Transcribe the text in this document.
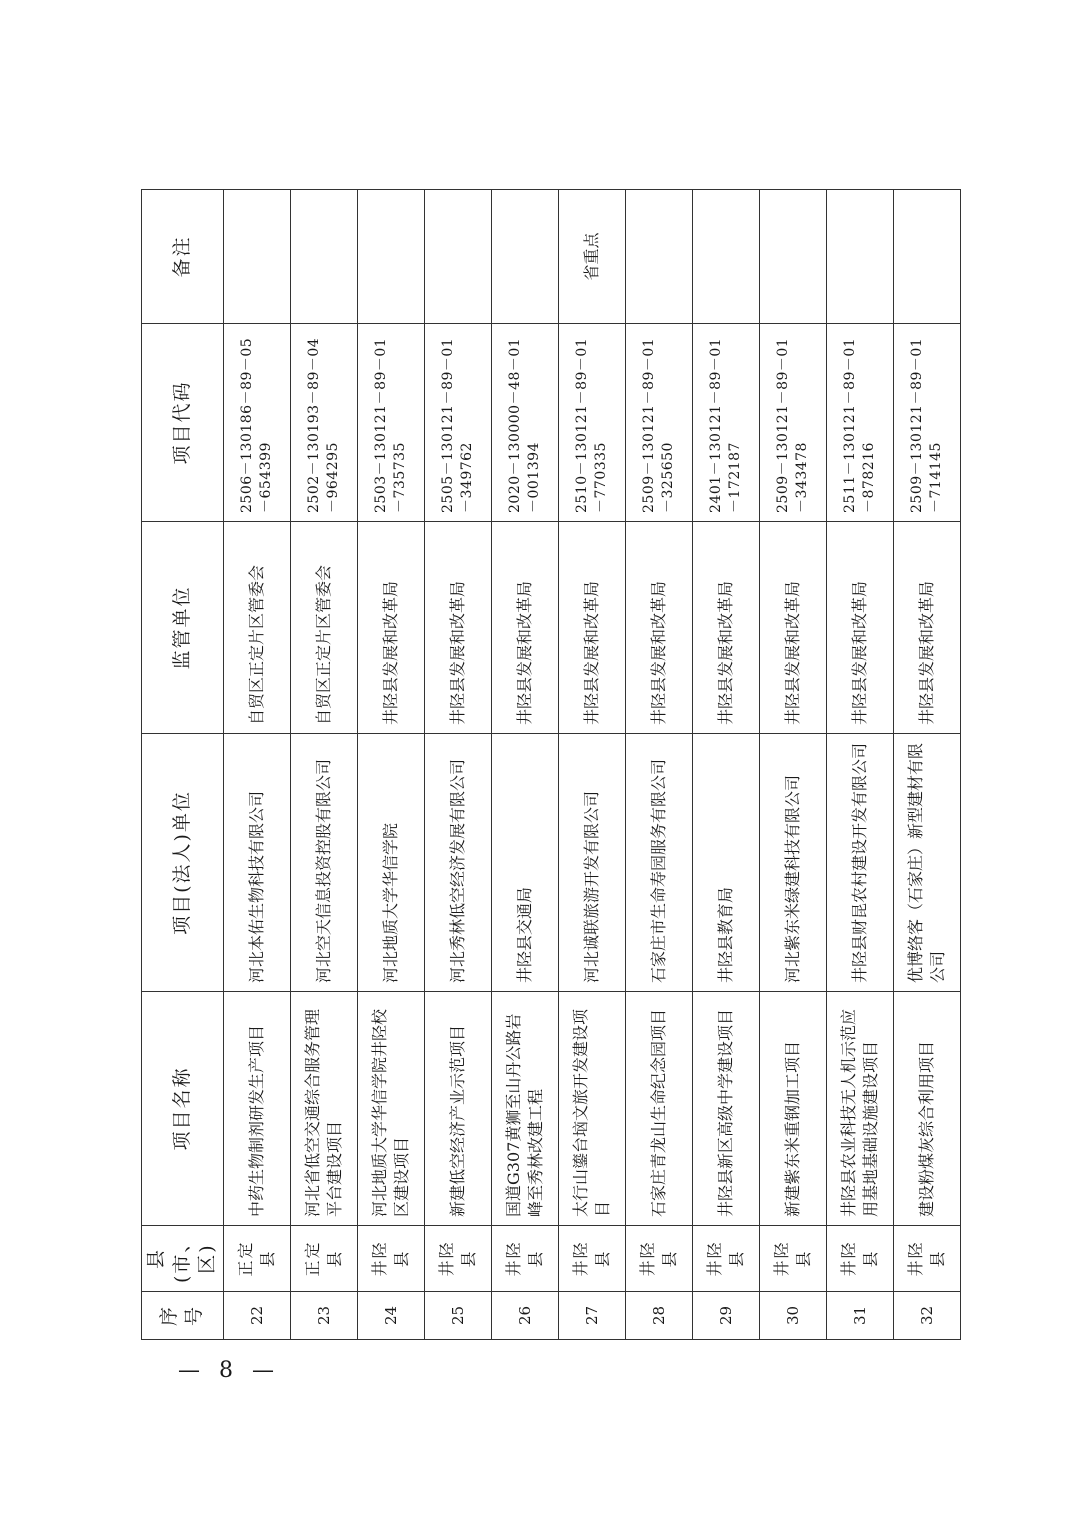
序号	县(市、区)	项目名称	项目(法人)单位	监管单位	项目代码	备注
22	正定县	中药生物制剂研发生产项目	河北本佑生物科技有限公司	自贸区正定片区管委会	2506－130186－89－05－654399	
23	正定县	河北省低空交通综合服务管理平台建设项目	河北空天信息投资控股有限公司	自贸区正定片区管委会	2502－130193－89－04－964295	
24	井陉县	河北地质大学华信学院井陉校区建设项目	河北地质大学华信学院	井陉县发展和改革局	2503－130121－89－01－735735	
25	井陉县	新建低空经济产业示范项目	河北秀林低空经济发展有限公司	井陉县发展和改革局	2505－130121－89－01－349762	
26	井陉县	国道G307黄狮至山丹公路岩峰至秀林改建工程	井陉县交通局	井陉县发展和改革局	2020－130000－48－01－001394	
27	井陉县	太行山鎏台垴文旅开发建设项目	河北诚联旅游开发有限公司	井陉县发展和改革局	2510－130121－89－01－770335	省重点
28	井陉县	石家庄青龙山生命纪念园项目	石家庄市生命寿园服务有限公司	井陉县发展和改革局	2509－130121－89－01－325650	
29	井陉县	井陉县新区高级中学建设项目	井陉县教育局	井陉县发展和改革局	2401－130121－89－01－172187	
30	井陉县	新建紫东米重钢加工项目	河北紫东米绿建科技有限公司	井陉县发展和改革局	2509－130121－89－01－343478	
31	井陉县	井陉县农业科技无人机示范应用基地基础设施建设项目	井陉县财昆农村建设开发有限公司	井陉县发展和改革局	2511－130121－89－01－878216	
32	井陉县	建设粉煤灰综合利用项目	优博络客（石家庄）新型建材有限公司	井陉县发展和改革局	2509－130121－89－01－714145	
— 8 —
